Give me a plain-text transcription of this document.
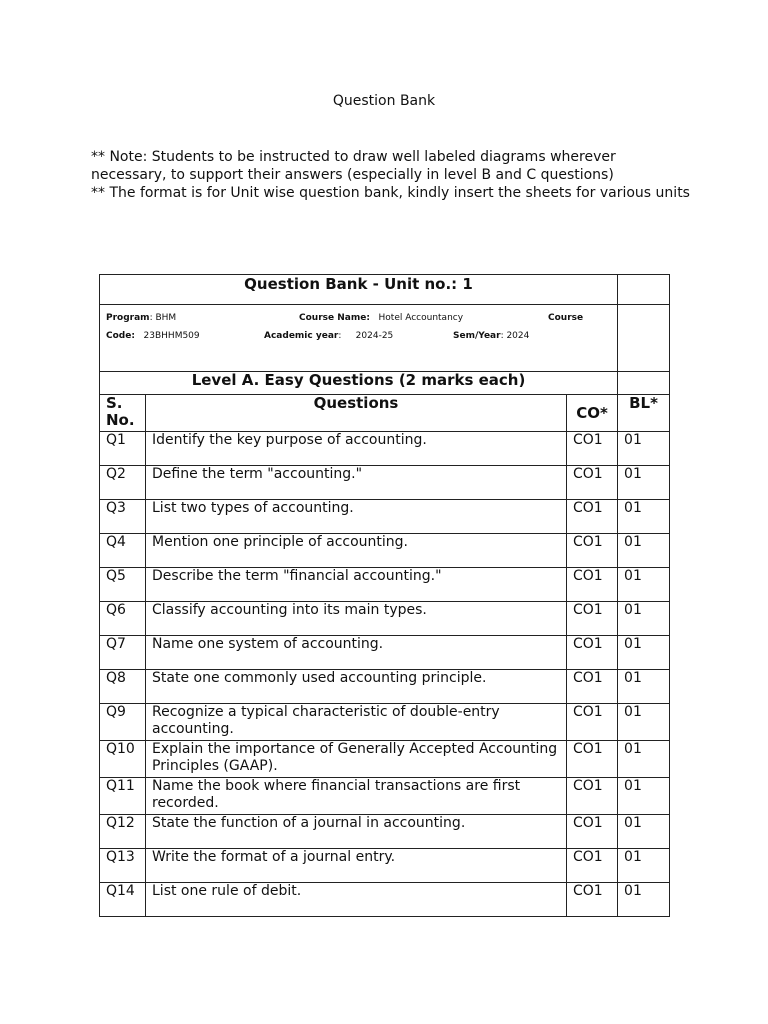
Question Bank
** Note: Students to be instructed to draw well labeled diagrams wherever necessary, to support their answers (especially in level B and C questions)
** The format is for Unit wise question bank, kindly insert the sheets for various units
Question Bank - Unit no.: 1			

Program: BHM	Course Name: Hotel Accountancy	Course
Code: 23BHHM509	Academic year:     2024-25	Sem/Year: 2024

Level A. Easy Questions (2 marks each)			
S. No.	Questions	CO*	BL*
Q1	Identify the key purpose of accounting.	CO1	01
Q2	Define the term "accounting."	CO1	01
Q3	List two types of accounting.	CO1	01
Q4	Mention one principle of accounting.	CO1	01
Q5	Describe the term "financial accounting."	CO1	01
Q6	Classify accounting into its main types.	CO1	01
Q7	Name one system of accounting.	CO1	01
Q8	State one commonly used accounting principle.	CO1	01
Q9	Recognize a typical characteristic of double-entry accounting.	CO1	01
Q10	Explain the importance of Generally Accepted Accounting Principles (GAAP).	CO1	01
Q11	Name the book where financial transactions are first recorded.	CO1	01
Q12	State the function of a journal in accounting.	CO1	01
Q13	Write the format of a journal entry.	CO1	01
Q14	List one rule of debit.	CO1	01
